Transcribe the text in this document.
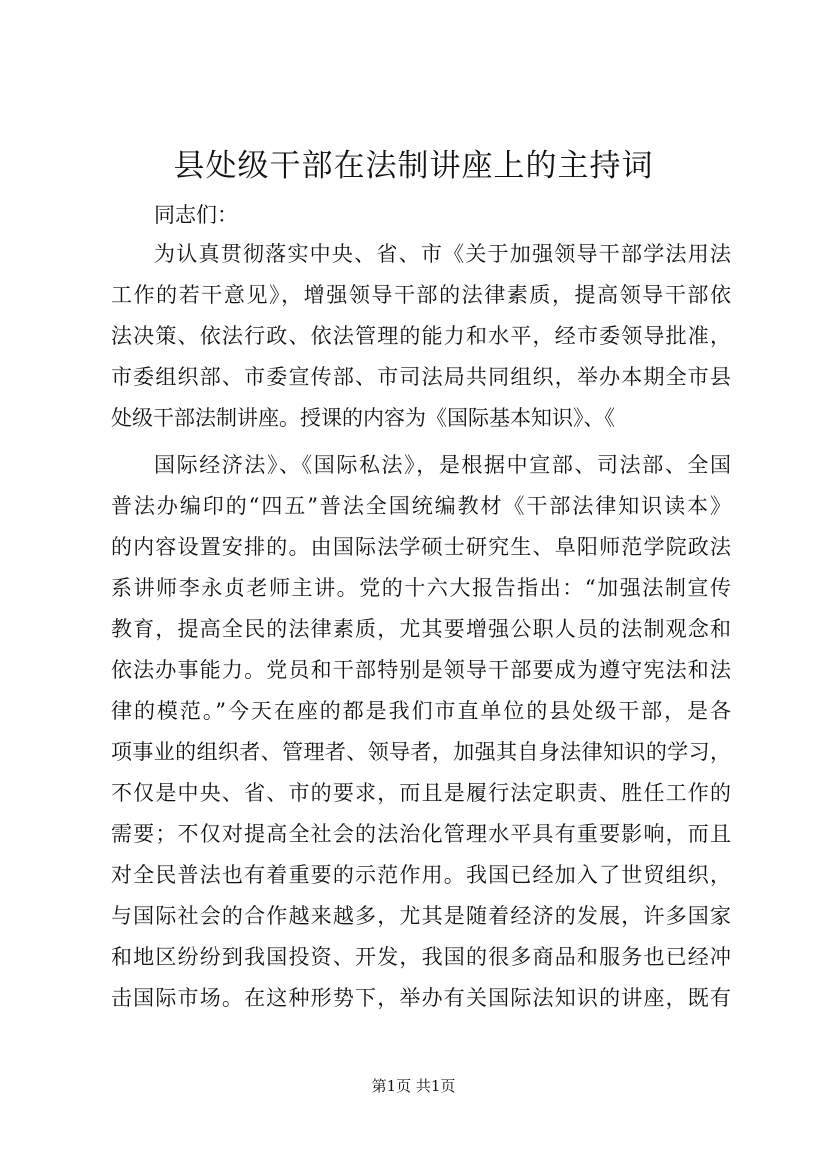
县处级干部在法制讲座上的主持词
同志们：
为认真贯彻落实中央、省、市《关于加强领导干部学法用法
工作的若干意见》，增强领导干部的法律素质，提高领导干部依
法决策、依法行政、依法管理的能力和水平，经市委领导批准，
市委组织部、市委宣传部、市司法局共同组织，举办本期全市县
处级干部法制讲座。授课的内容为《国际基本知识》、《
国际经济法》、《国际私法》，是根据中宣部、司法部、全国
普法办编印的“四五”普法全国统编教材《干部法律知识读本》
的内容设置安排的。由国际法学硕士研究生、阜阳师范学院政法
系讲师李永贞老师主讲。党的十六大报告指出：“加强法制宣传
教育，提高全民的法律素质，尤其要增强公职人员的法制观念和
依法办事能力。党员和干部特别是领导干部要成为遵守宪法和法
律的模范。”今天在座的都是我们市直单位的县处级干部，是各
项事业的组织者、管理者、领导者，加强其自身法律知识的学习，
不仅是中央、省、市的要求，而且是履行法定职责、胜任工作的
需要；不仅对提高全社会的法治化管理水平具有重要影响，而且
对全民普法也有着重要的示范作用。我国已经加入了世贸组织，
与国际社会的合作越来越多，尤其是随着经济的发展，许多国家
和地区纷纷到我国投资、开发，我国的很多商品和服务也已经冲
击国际市场。在这种形势下，举办有关国际法知识的讲座，既有
第1页 共1页
